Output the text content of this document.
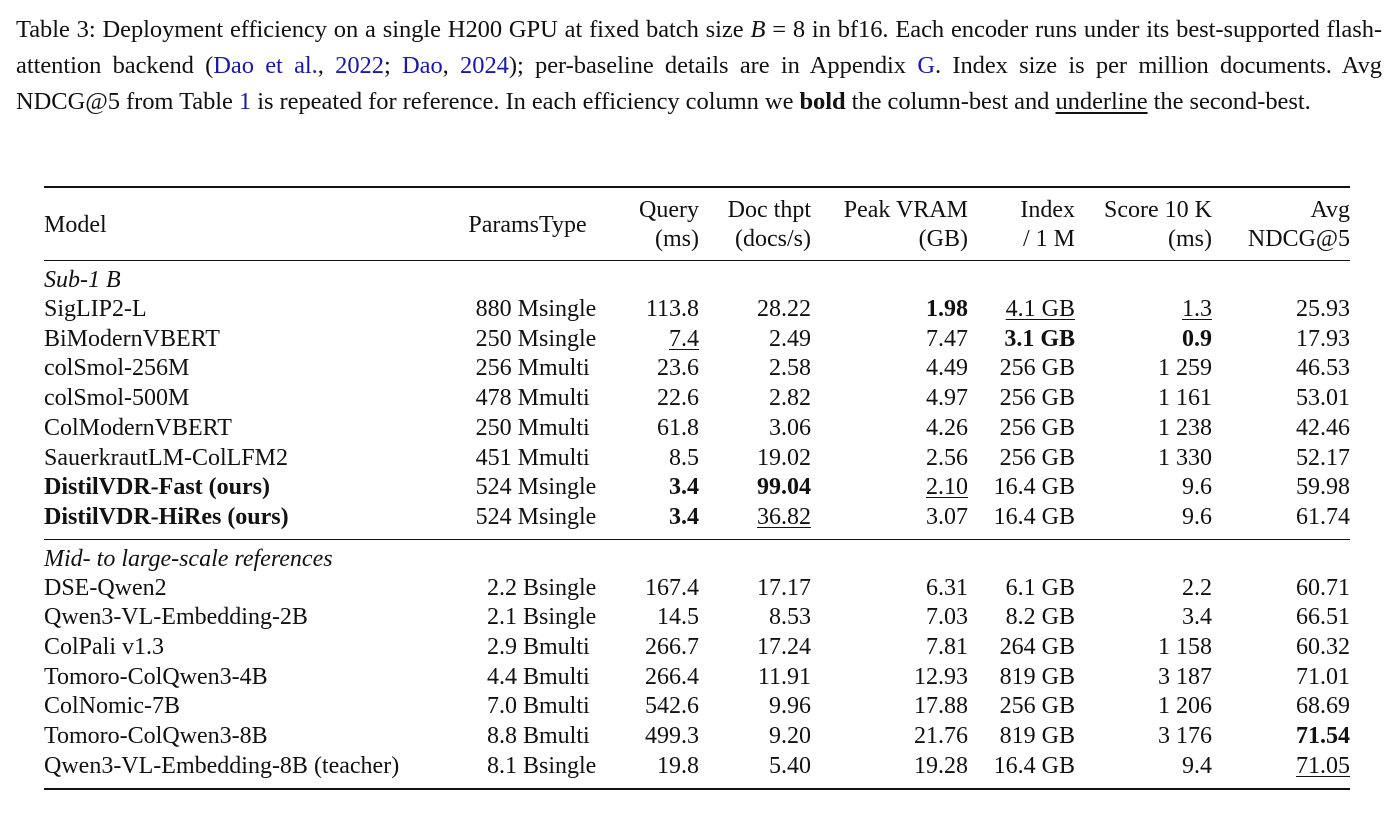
Table 3: Deployment efficiency on a single H200 GPU at fixed batch size B = 8 in bf16. Each encoder runs under its best-supported flash-attention backend (Dao et al., 2022; Dao, 2024); per-baseline details are in Appendix G. Index size is per million documents. Avg NDCG@5 from Table 1 is repeated for reference. In each efficiency column we bold the column-best and underline the second-best.

Model	Params	Type	Query	Doc thpt	Peak VRAM	Index	Score 10 K	Avg
			(ms)	(docs/s)	(GB)	/ 1 M	(ms)	NDCG@5

Sub-1 B								
SigLIP2-L	880 M	single	113.8	28.22	1.98	4.1 GB	1.3	25.93
BiModernVBERT	250 M	single	7.4	2.49	7.47	3.1 GB	0.9	17.93
colSmol-256M	256 M	multi	23.6	2.58	4.49	256 GB	1 259	46.53
colSmol-500M	478 M	multi	22.6	2.82	4.97	256 GB	1 161	53.01
ColModernVBERT	250 M	multi	61.8	3.06	4.26	256 GB	1 238	42.46
SauerkrautLM-ColLFM2	451 M	multi	8.5	19.02	2.56	256 GB	1 330	52.17
DistilVDR-Fast (ours)	524 M	single	3.4	99.04	2.10	16.4 GB	9.6	59.98
DistilVDR-HiRes (ours)	524 M	single	3.4	36.82	3.07	16.4 GB	9.6	61.74

Mid- to large-scale references								
DSE-Qwen2	2.2 B	single	167.4	17.17	6.31	6.1 GB	2.2	60.71
Qwen3-VL-Embedding-2B	2.1 B	single	14.5	8.53	7.03	8.2 GB	3.4	66.51
ColPali v1.3	2.9 B	multi	266.7	17.24	7.81	264 GB	1 158	60.32
Tomoro-ColQwen3-4B	4.4 B	multi	266.4	11.91	12.93	819 GB	3 187	71.01
ColNomic-7B	7.0 B	multi	542.6	9.96	17.88	256 GB	1 206	68.69
Tomoro-ColQwen3-8B	8.8 B	multi	499.3	9.20	21.76	819 GB	3 176	71.54
Qwen3-VL-Embedding-8B (teacher)	8.1 B	single	19.8	5.40	19.28	16.4 GB	9.4	71.05
